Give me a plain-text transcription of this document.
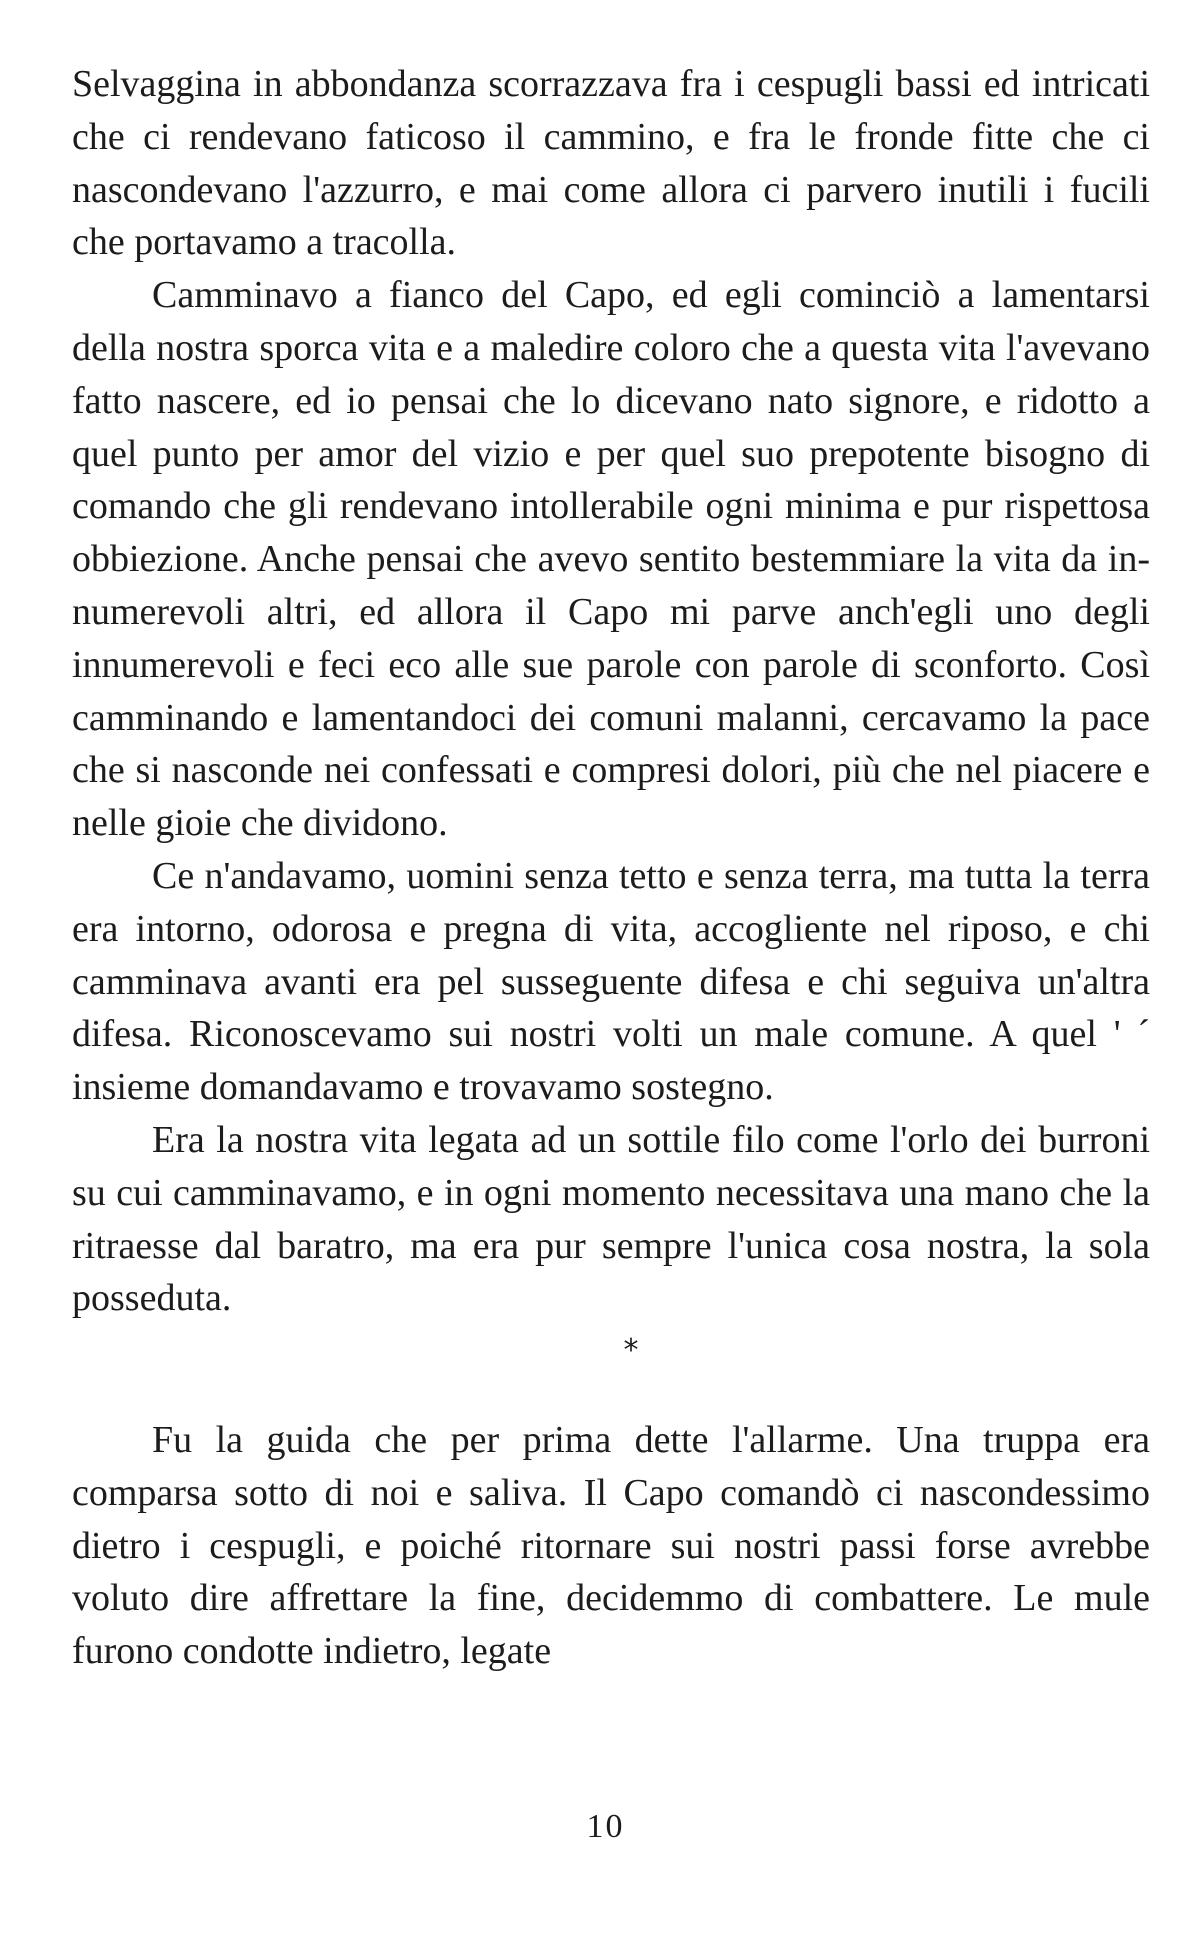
Selvaggina in abbondanza scorrazzava fra i cespugli bassi ed intricati che ci rendevano faticoso il cammino, e fra le fronde fitte che ci nascondevano l'azzurro, e mai come allora ci parvero inutili i fucili che portavamo a tracolla.

Camminavo a fianco del Capo, ed egli cominciò a lamentarsi della nostra sporca vita e a maledire coloro che a questa vita l'avevano fatto nascere, ed io pensai che lo dicevano nato signore, e ridotto a quel punto per amor del vizio e per quel suo prepotente bisogno di comando che gli rendevano intollerabile ogni minima e pur rispettosa obbiezione. Anche pensai che avevo sentito bestemmiare la vita da innumerevoli altri, ed allora il Capo mi parve anch'egli uno degli innumerevoli e feci eco alle sue parole con parole di sconforto. Così camminando e lamentandoci dei comuni malanni, cercavamo la pace che si nasconde nei confessati e compresi dolori, più che nel piacere e nelle gioie che dividono.

Ce n'andavamo, uomini senza tetto e senza terra, ma tutta la terra era intorno, odorosa e pregna di vita, accogliente nel riposo, e chi camminava avanti era pel susseguente difesa e chi seguiva un'altra difesa. Riconoscevamo sui nostri volti un male comune. A quel ' ´ insieme domandavamo e trovavamo sostegno.

Era la nostra vita legata ad un sottile filo come l'orlo dei burroni su cui camminavamo, e in ogni momento necessitava una mano che la ritraesse dal baratro, ma era pur sempre l'unica cosa nostra, la sola posseduta.

*

Fu la guida che per prima dette l'allarme. Una truppa era comparsa sotto di noi e saliva. Il Capo comandò ci nascondessimo dietro i cespugli, e poiché ritornare sui nostri passi forse avrebbe voluto dire affrettare la fine, decidemmo di combattere. Le mule furono condotte indietro, legate

10
